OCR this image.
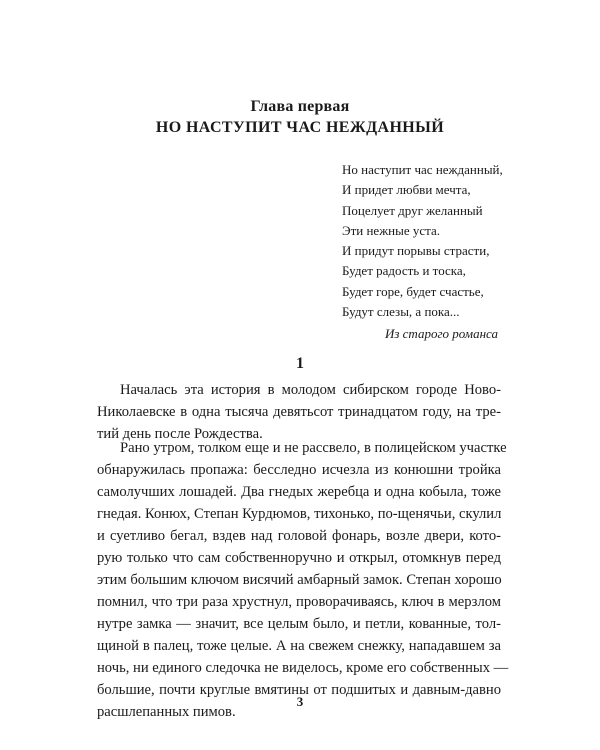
Глава первая
НО НАСТУПИТ ЧАС НЕЖДАННЫЙ
Но наступит час нежданный,
И придет любви мечта,
Поцелует друг желанный
Эти нежные уста.
И придут порывы страсти,
Будет радость и тоска,
Будет горе, будет счастье,
Будут слезы, а пока...
Из старого романса
1
Началась эта история в молодом сибирском городе Ново-
Николаевске в одна тысяча девятьсот тринадцатом году, на тре-
тий день после Рождества.
Рано утром, толком еще и не рассвело, в полицейском участке
обнаружилась пропажа: бесследно исчезла из конюшни тройка
самолучших лошадей. Два гнедых жеребца и одна кобыла, тоже
гнедая. Конюх, Степан Курдюмов, тихонько, по-щенячьи, скулил
и суетливо бегал, вздев над головой фонарь, возле двери, кото-
рую только что сам собственноручно и открыл, отомкнув перед
этим большим ключом висячий амбарный замок. Степан хорошо
помнил, что три раза хрустнул, проворачиваясь, ключ в мерзлом
нутре замка — значит, все целым было, и петли, кованные, тол-
щиной в палец, тоже целые. А на свежем снежку, нападавшем за
ночь, ни единого следочка не виделось, кроме его собственных —
большие, почти круглые вмятины от подшитых и давным-давно
расшлепанных пимов.
3
